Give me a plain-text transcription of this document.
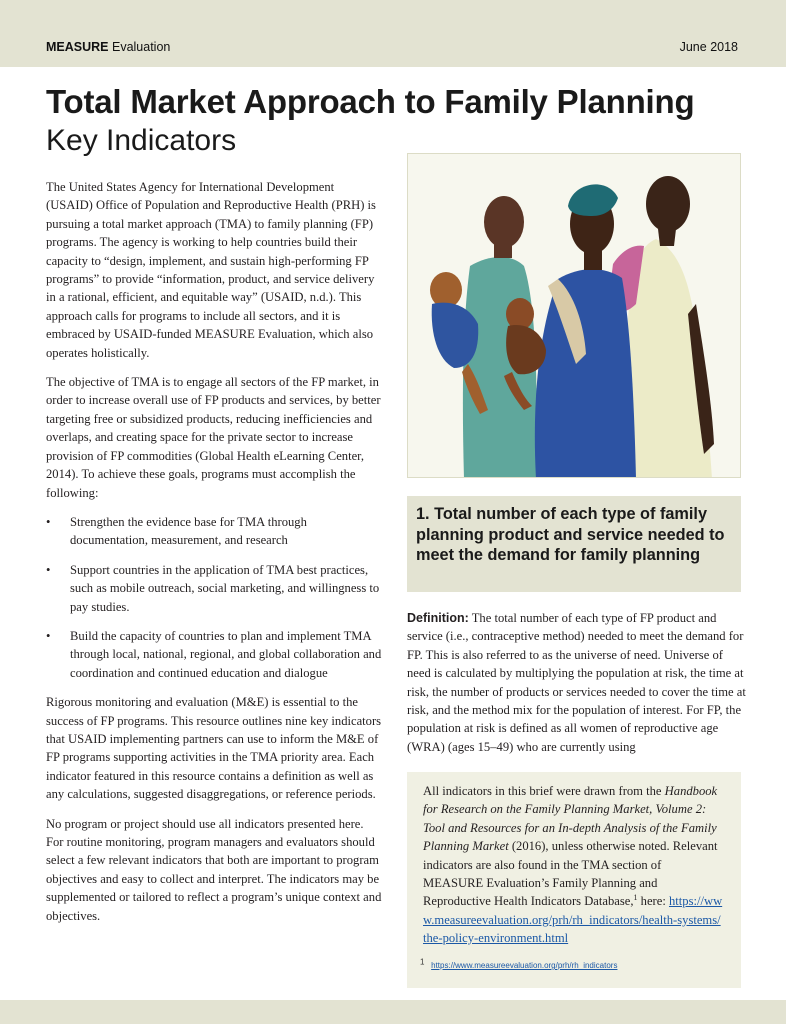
MEASURE Evaluation	June 2018
Total Market Approach to Family Planning
Key Indicators

The United States Agency for International Development (USAID) Office of Population and Reproductive Health (PRH) is pursuing a total market approach (TMA) to family planning (FP) programs. The agency is working to help countries build their capacity to “design, implement, and sustain high-performing FP programs” to provide “information, product, and service delivery in a rational, efficient, and equitable way” (USAID, n.d.). This approach calls for programs to include all sectors, and it is embraced by USAID-funded MEASURE Evaluation, which also operates holistically.

The objective of TMA is to engage all sectors of the FP market, in order to increase overall use of FP products and services, by better targeting free or subsidized products, reducing inefficiencies and overlaps, and creating space for the private sector to increase provision of FP commodities (Global Health eLearning Center, 2014). To achieve these goals, programs must accomplish the following:

• Strengthen the evidence base for TMA through documentation, measurement, and research
• Support countries in the application of TMA best practices, such as mobile outreach, social marketing, and willingness to pay studies.
• Build the capacity of countries to plan and implement TMA through local, national, regional, and global collaboration and coordination and continued education and dialogue

Rigorous monitoring and evaluation (M&E) is essential to the success of FP programs. This resource outlines nine key indicators that USAID implementing partners can use to inform the M&E of FP programs supporting activities in the TMA priority area. Each indicator featured in this resource contains a definition as well as any calculations, suggested disaggregations, or reference periods.

No program or project should use all indicators presented here. For routine monitoring, program managers and evaluators should select a few relevant indicators that both are important to program objectives and easy to collect and interpret. The indicators may be supplemented or tailored to reflect a program’s unique context and objectives.

1. Total number of each type of family planning product and service needed to meet the demand for family planning
Definition: The total number of each type of FP product and service (i.e., contraceptive method) needed to meet the demand for FP. This is also referred to as the universe of need. Universe of need is calculated by multiplying the population at risk, the time at risk, the number of products or services needed to cover the time at risk, and the method mix for the population of interest. For FP, the population at risk is defined as all women of reproductive age (WRA) (ages 15–49) who are currently using
All indicators in this brief were drawn from the Handbook for Research on the Family Planning Market, Volume 2: Tool and Resources for an In-depth Analysis of the Family Planning Market (2016), unless otherwise noted. Relevant indicators are also found in the TMA section of MEASURE Evaluation’s Family Planning and Reproductive Health Indicators Database,$^1$ here: https://www.measureevaluation.org/prh/rh_indicators/health-systems/the-policy-environment.html
$^1$ https://www.measureevaluation.org/prh/rh_indicators
